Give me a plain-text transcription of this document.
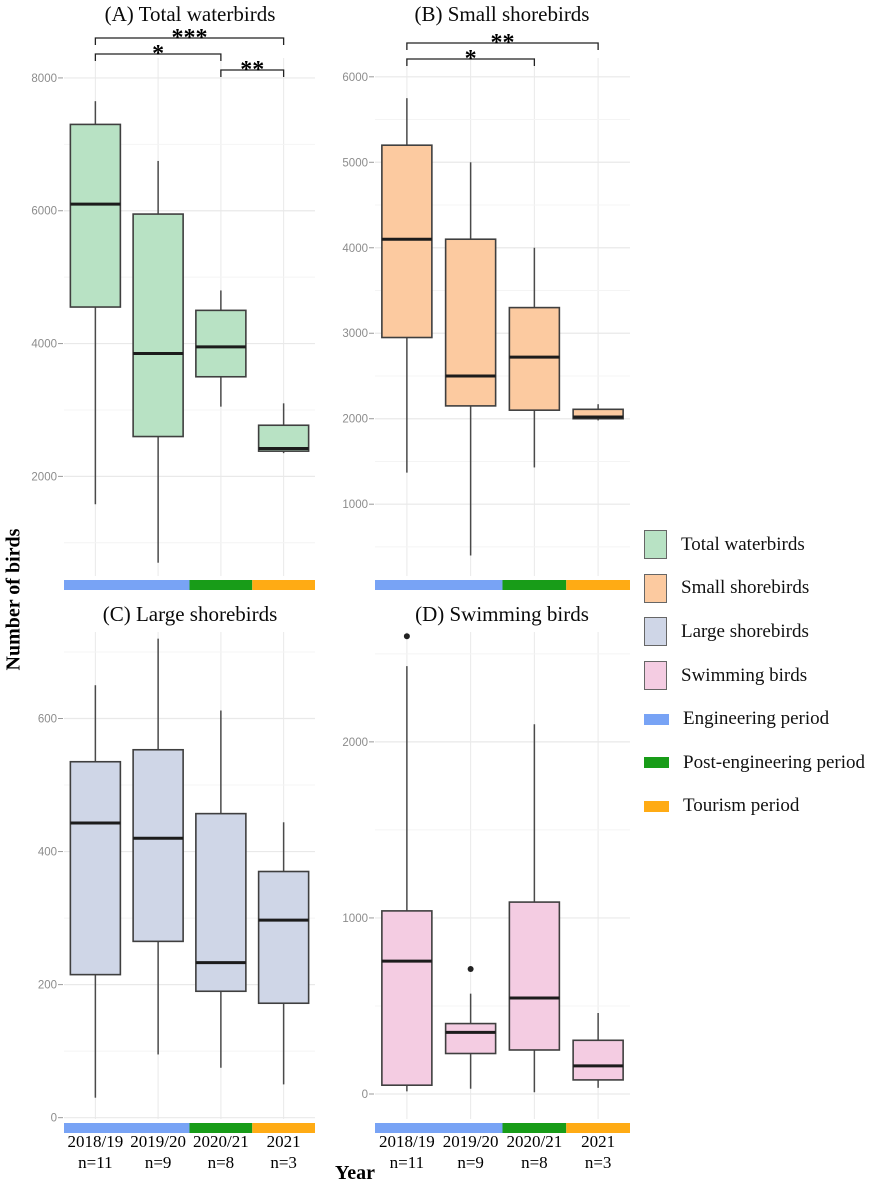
(A) Total waterbirds	(B) Small shorebirds
(C) Large shorebirds	(D) Swimming birds
Number of birds
Year
2000
4000
6000
8000
***
*
**
1000
2000
3000
4000
5000
6000
**
*
0
200
400
600
2018/19
n=11
2019/20
n=9
2020/21
n=8
2021
n=3
0
1000
2000
2018/19
n=11
2019/20
n=9
2020/21
n=8
2021
n=3
Total waterbirds
Small shorebirds
Large shorebirds
Swimming birds
Engineering period
Post-engineering period
Tourism period
